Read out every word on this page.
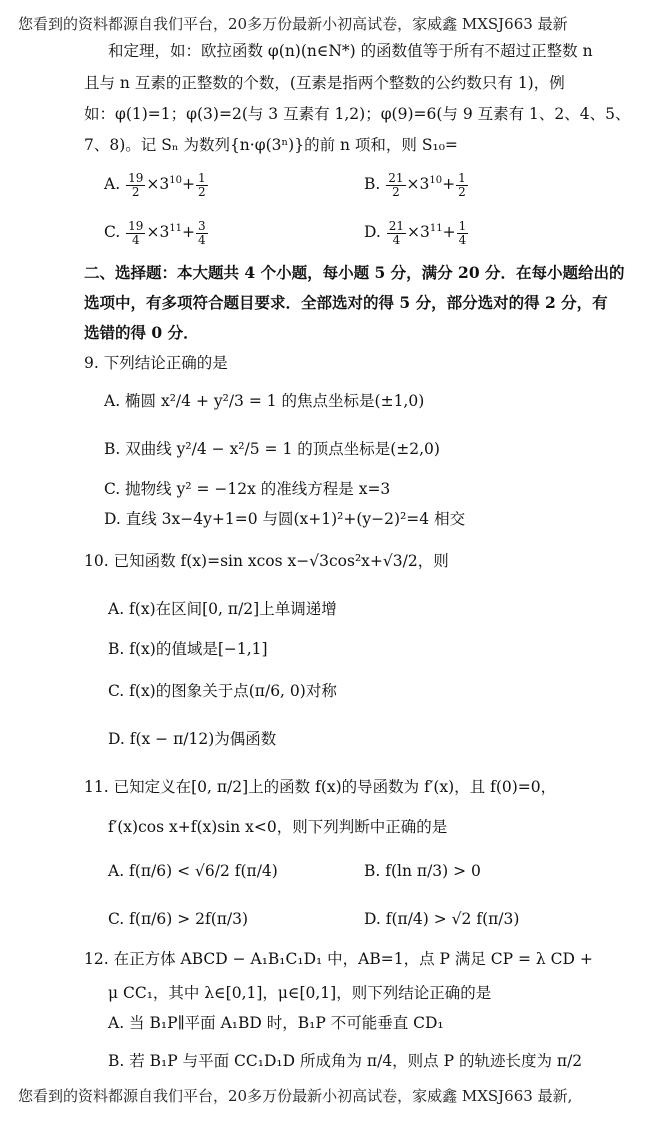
您看到的资料都源自我们平台，20多万份最新小初高试卷，家威鑫 MXSJ663 最新
和定理，如：欧拉函数 φ(n)(n∈N*) 的函数值等于所有不超过正整数 n
且与 n 互素的正整数的个数，(互素是指两个整数的公约数只有 1)，例
如：φ(1)=1；φ(3)=2(与 3 互素有 1,2)；φ(9)=6(与 9 互素有 1、2、4、5、
7、8)。记 Sₙ 为数列{n·φ(3ⁿ)}的前 n 项和，则 S₁₀=
A. $\frac{19}{2} \times 3^{10}+ \frac{1}{2}$	B. $\frac{21}{2} \times 3^{10}+ \frac{1}{2}$
C. $\frac{19}{4} \times 3^{11}+ \frac{3}{4}$	D. $\frac{21}{4} \times 3^{11}+ \frac{1}{4}$
二、选择题：本大题共 4 个小题，每小题 5 分，满分 20 分．在每小题给出的
选项中，有多项符合题目要求．全部选对的得 5 分，部分选对的得 2 分，有
选错的得 0 分．
9. 下列结论正确的是
A. 椭圆 x²/4 + y²/3 = 1 的焦点坐标是(±1,0)
B. 双曲线 y²/4 − x²/5 = 1 的顶点坐标是(±2,0)
C. 抛物线 y² = −12x 的准线方程是 x=3
D. 直线 3x−4y+1=0 与圆(x+1)²+(y−2)²=4 相交
10. 已知函数 f(x)=sin xcos x−√3cos²x+√3/2，则
A. f(x)在区间[0, π/2]上单调递增
B. f(x)的值域是[−1,1]
C. f(x)的图象关于点(π/6, 0)对称
D. f(x − π/12)为偶函数
11. 已知定义在[0, π/2]上的函数 f(x)的导函数为 f′(x)，且 f(0)=0，
f′(x)cos x+f(x)sin x<0，则下列判断中正确的是
A. f(π/6) < √6/2 f(π/4)	B. f(ln π/3) > 0
C. f(π/6) > 2f(π/3)	D. f(π/4) > √2 f(π/3)
12. 在正方体 ABCD − A₁B₁C₁D₁ 中，AB=1，点 P 满足 CP = λ CD +
μ CC₁，其中 λ∈[0,1]，μ∈[0,1]，则下列结论正确的是
A. 当 B₁P∥平面 A₁BD 时，B₁P 不可能垂直 CD₁
B. 若 B₁P 与平面 CC₁D₁D 所成角为 π/4，则点 P 的轨迹长度为 π/2
您看到的资料都源自我们平台，20多万份最新小初高试卷，家威鑫 MXSJ663 最新,
